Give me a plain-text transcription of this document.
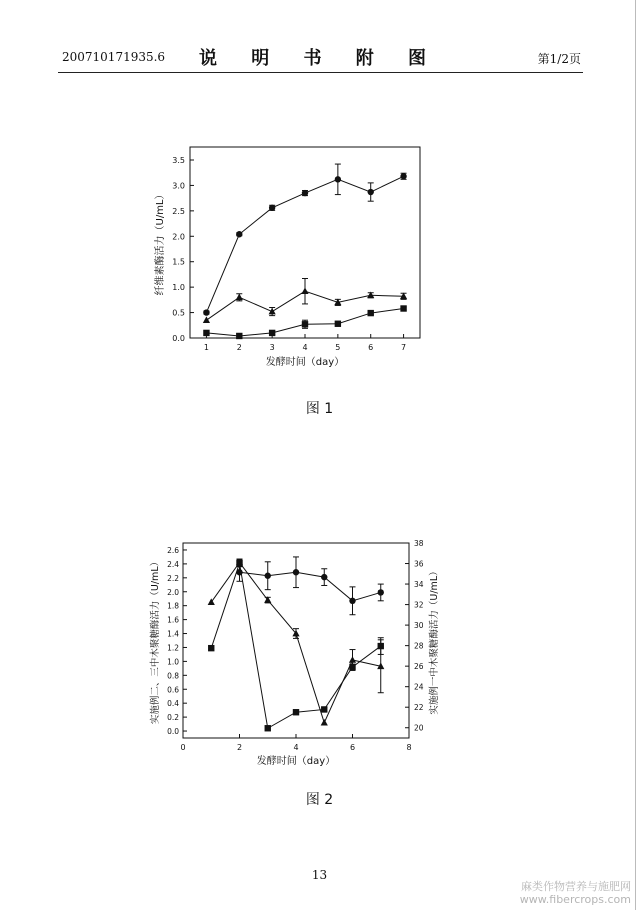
200710171935.6	说 明 书 附 图	第1/2页
0.0
0.5
1.0
1.5
2.0
2.5
3.0
3.5
1	2	3	4	5	6	7
发酵时间（day）
纤维素酶活力（U/mL）
图 1
0.0
0.2
0.4
0.6
0.8
1.0
1.2
1.4
1.6
1.8
2.0
2.2
2.4
2.6
20
22
24
26
28
30
32
34
36
38
0	2	4	6	8
发酵时间（day）
实施例二、三中木聚糖酶活力（U/mL）	实施例一中木聚糖酶活力（U/mL）
图 2
13
麻类作物营养与施肥网
www.fibercrops.com
